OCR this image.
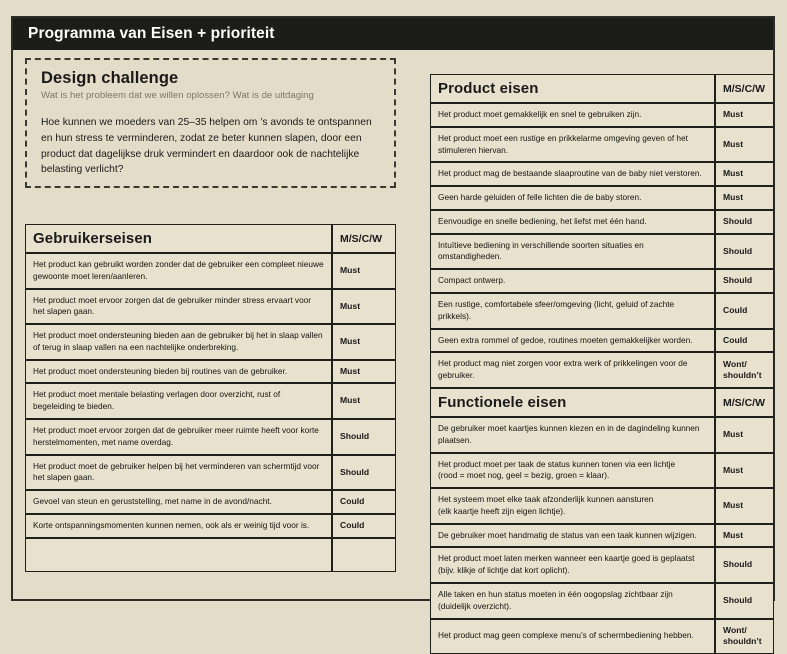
Programma van Eisen + prioriteit
Design challenge
Wat is het probleem dat we willen oplossen? Wat is de uitdaging
Hoe kunnen we moeders van 25–35 helpen om ’s avonds te ontspannen en hun stress te verminderen, zodat ze beter kunnen slapen, door een product dat dagelijkse druk vermindert en daardoor ook de nachtelijke belasting verlicht?
Gebruikerseisen	M/S/C/W
Het product kan gebruikt worden zonder dat de gebruiker een compleet nieuwe gewoonte moet leren/aanleren.	Must
Het product moet ervoor zorgen dat de gebruiker minder stress ervaart voor het slapen gaan.	Must
Het product moet ondersteuning bieden aan de gebruiker bij het in slaap vallen of terug in slaap vallen na een nachtelijke onderbreking.	Must
Het product moet ondersteuning bieden bij routines van de gebruiker.	Must
Het product moet mentale belasting verlagen door overzicht, rust of begeleiding te bieden.	Must
Het product moet ervoor zorgen dat de gebruiker meer ruimte heeft voor korte herstelmomenten, met name overdag.	Should
Het product moet de gebruiker helpen bij het verminderen van schermtijd voor het slapen gaan.	Should
Gevoel van steun en geruststelling, met name in de avond/nacht.	Could
Korte ontspanningsmomenten kunnen nemen, ook als er weinig tijd voor is.	Could

Product eisen	M/S/C/W
Het product moet gemakkelijk en snel te gebruiken zijn.	Must
Het product moet een rustige en prikkelarme omgeving geven of het stimuleren hiervan.	Must
Het product mag de bestaande slaaproutine van de baby niet verstoren.	Must
Geen harde geluiden of felle lichten die de baby storen.	Must
Eenvoudige en snelle bediening, het liefst met één hand.	Should
Intuïtieve bediening in verschillende soorten situaties en omstandigheden.	Should
Compact ontwerp.	Should
Een rustige, comfortabele sfeer/omgeving (licht, geluid of zachte prikkels).	Could
Geen extra rommel of gedoe, routines moeten gemakkelijker worden.	Could
Het product mag niet zorgen voor extra werk of prikkelingen voor de gebruiker.	Wont/
shouldn’t
Functionele eisen	M/S/C/W
De gebruiker moet kaartjes kunnen kiezen en in de dagindeling kunnen plaatsen.	Must
Het product moet per taak de status kunnen tonen via een lichtje
(rood = moet nog, geel = bezig, groen = klaar).	Must
Het systeem moet elke taak afzonderlijk kunnen aansturen
(elk kaartje heeft zijn eigen lichtje).	Must
De gebruiker moet handmatig de status van een taak kunnen wijzigen.	Must
Het product moet laten merken wanneer een kaartje goed is geplaatst
(bijv. klikje of lichtje dat kort oplicht).	Should
Alle taken en hun status moeten in één oogopslag zichtbaar zijn (duidelijk overzicht).	Should
Het product mag geen complexe menu’s of schermbediening hebben.	Wont/
shouldn’t
